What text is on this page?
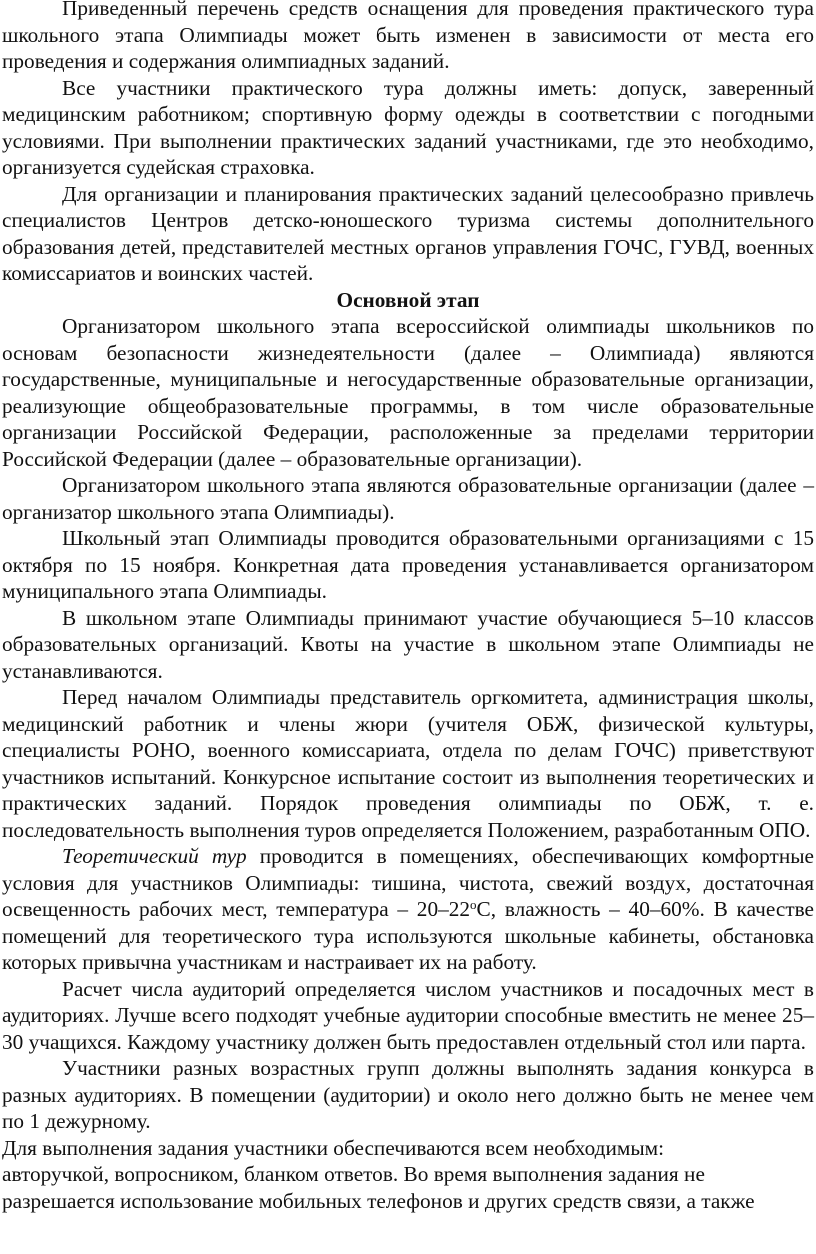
Приведенный перечень средств оснащения для проведения практического тура школьного этапа Олимпиады может быть изменен в зависимости от места его проведения и содержания олимпиадных заданий.

Все участники практического тура должны иметь: допуск, заверенный медицинским работником; спортивную форму одежды в соответствии с погодными условиями. При выполнении практических заданий участниками, где это необходимо, организуется судейская страховка.

Для организации и планирования практических заданий целесообразно привлечь специалистов Центров детско-юношеского туризма системы дополнительного образования детей, представителей местных органов управления ГОЧС, ГУВД, военных комиссариатов и воинских частей.

Основной этап

Организатором школьного этапа всероссийской олимпиады школьников по основам безопасности жизнедеятельности (далее – Олимпиада) являются государственные, муниципальные и негосударственные образовательные организации, реализующие общеобразовательные программы, в том числе образовательные организации Российской Федерации, расположенные за пределами территории Российской Федерации (далее – образовательные организации).

Организатором школьного этапа являются образовательные организации (далее – организатор школьного этапа Олимпиады).

Школьный этап Олимпиады проводится образовательными организациями с 15 октября по 15 ноября. Конкретная дата проведения устанавливается организатором муниципального этапа Олимпиады.

В школьном этапе Олимпиады принимают участие обучающиеся 5–10 классов образовательных организаций. Квоты на участие в школьном этапе Олимпиады не устанавливаются.

Перед началом Олимпиады представитель оргкомитета, администрация школы, медицинский работник и члены жюри (учителя ОБЖ, физической культуры, специалисты РОНО, военного комиссариата, отдела по делам ГОЧС) приветствуют участников испытаний. Конкурсное испытание состоит из выполнения теоретических и практических заданий. Порядок проведения олимпиады по ОБЖ, т. е. последовательность выполнения туров определяется Положением, разработанным ОПО.

Теоретический тур проводится в помещениях, обеспечивающих комфортные условия для участников Олимпиады: тишина, чистота, свежий воздух, достаточная освещенность рабочих мест, температура – $20-22^оС$, влажность – 40–60%. В качестве помещений для теоретического тура используются школьные кабинеты, обстановка которых привычна участникам и настраивает их на работу.

Расчет числа аудиторий определяется числом участников и посадочных мест в аудиториях. Лучше всего подходят учебные аудитории способные вместить не менее 25–30 учащихся. Каждому участнику должен быть предоставлен отдельный стол или парта.

Участники разных возрастных групп должны выполнять задания конкурса в разных аудиториях. В помещении (аудитории) и около него должно быть не менее чем по 1 дежурному.

Для выполнения задания участники обеспечиваются всем необходимым:

авторучкой, вопросником, бланком ответов. Во время выполнения задания не

разрешается использование мобильных телефонов и других средств связи, а также
